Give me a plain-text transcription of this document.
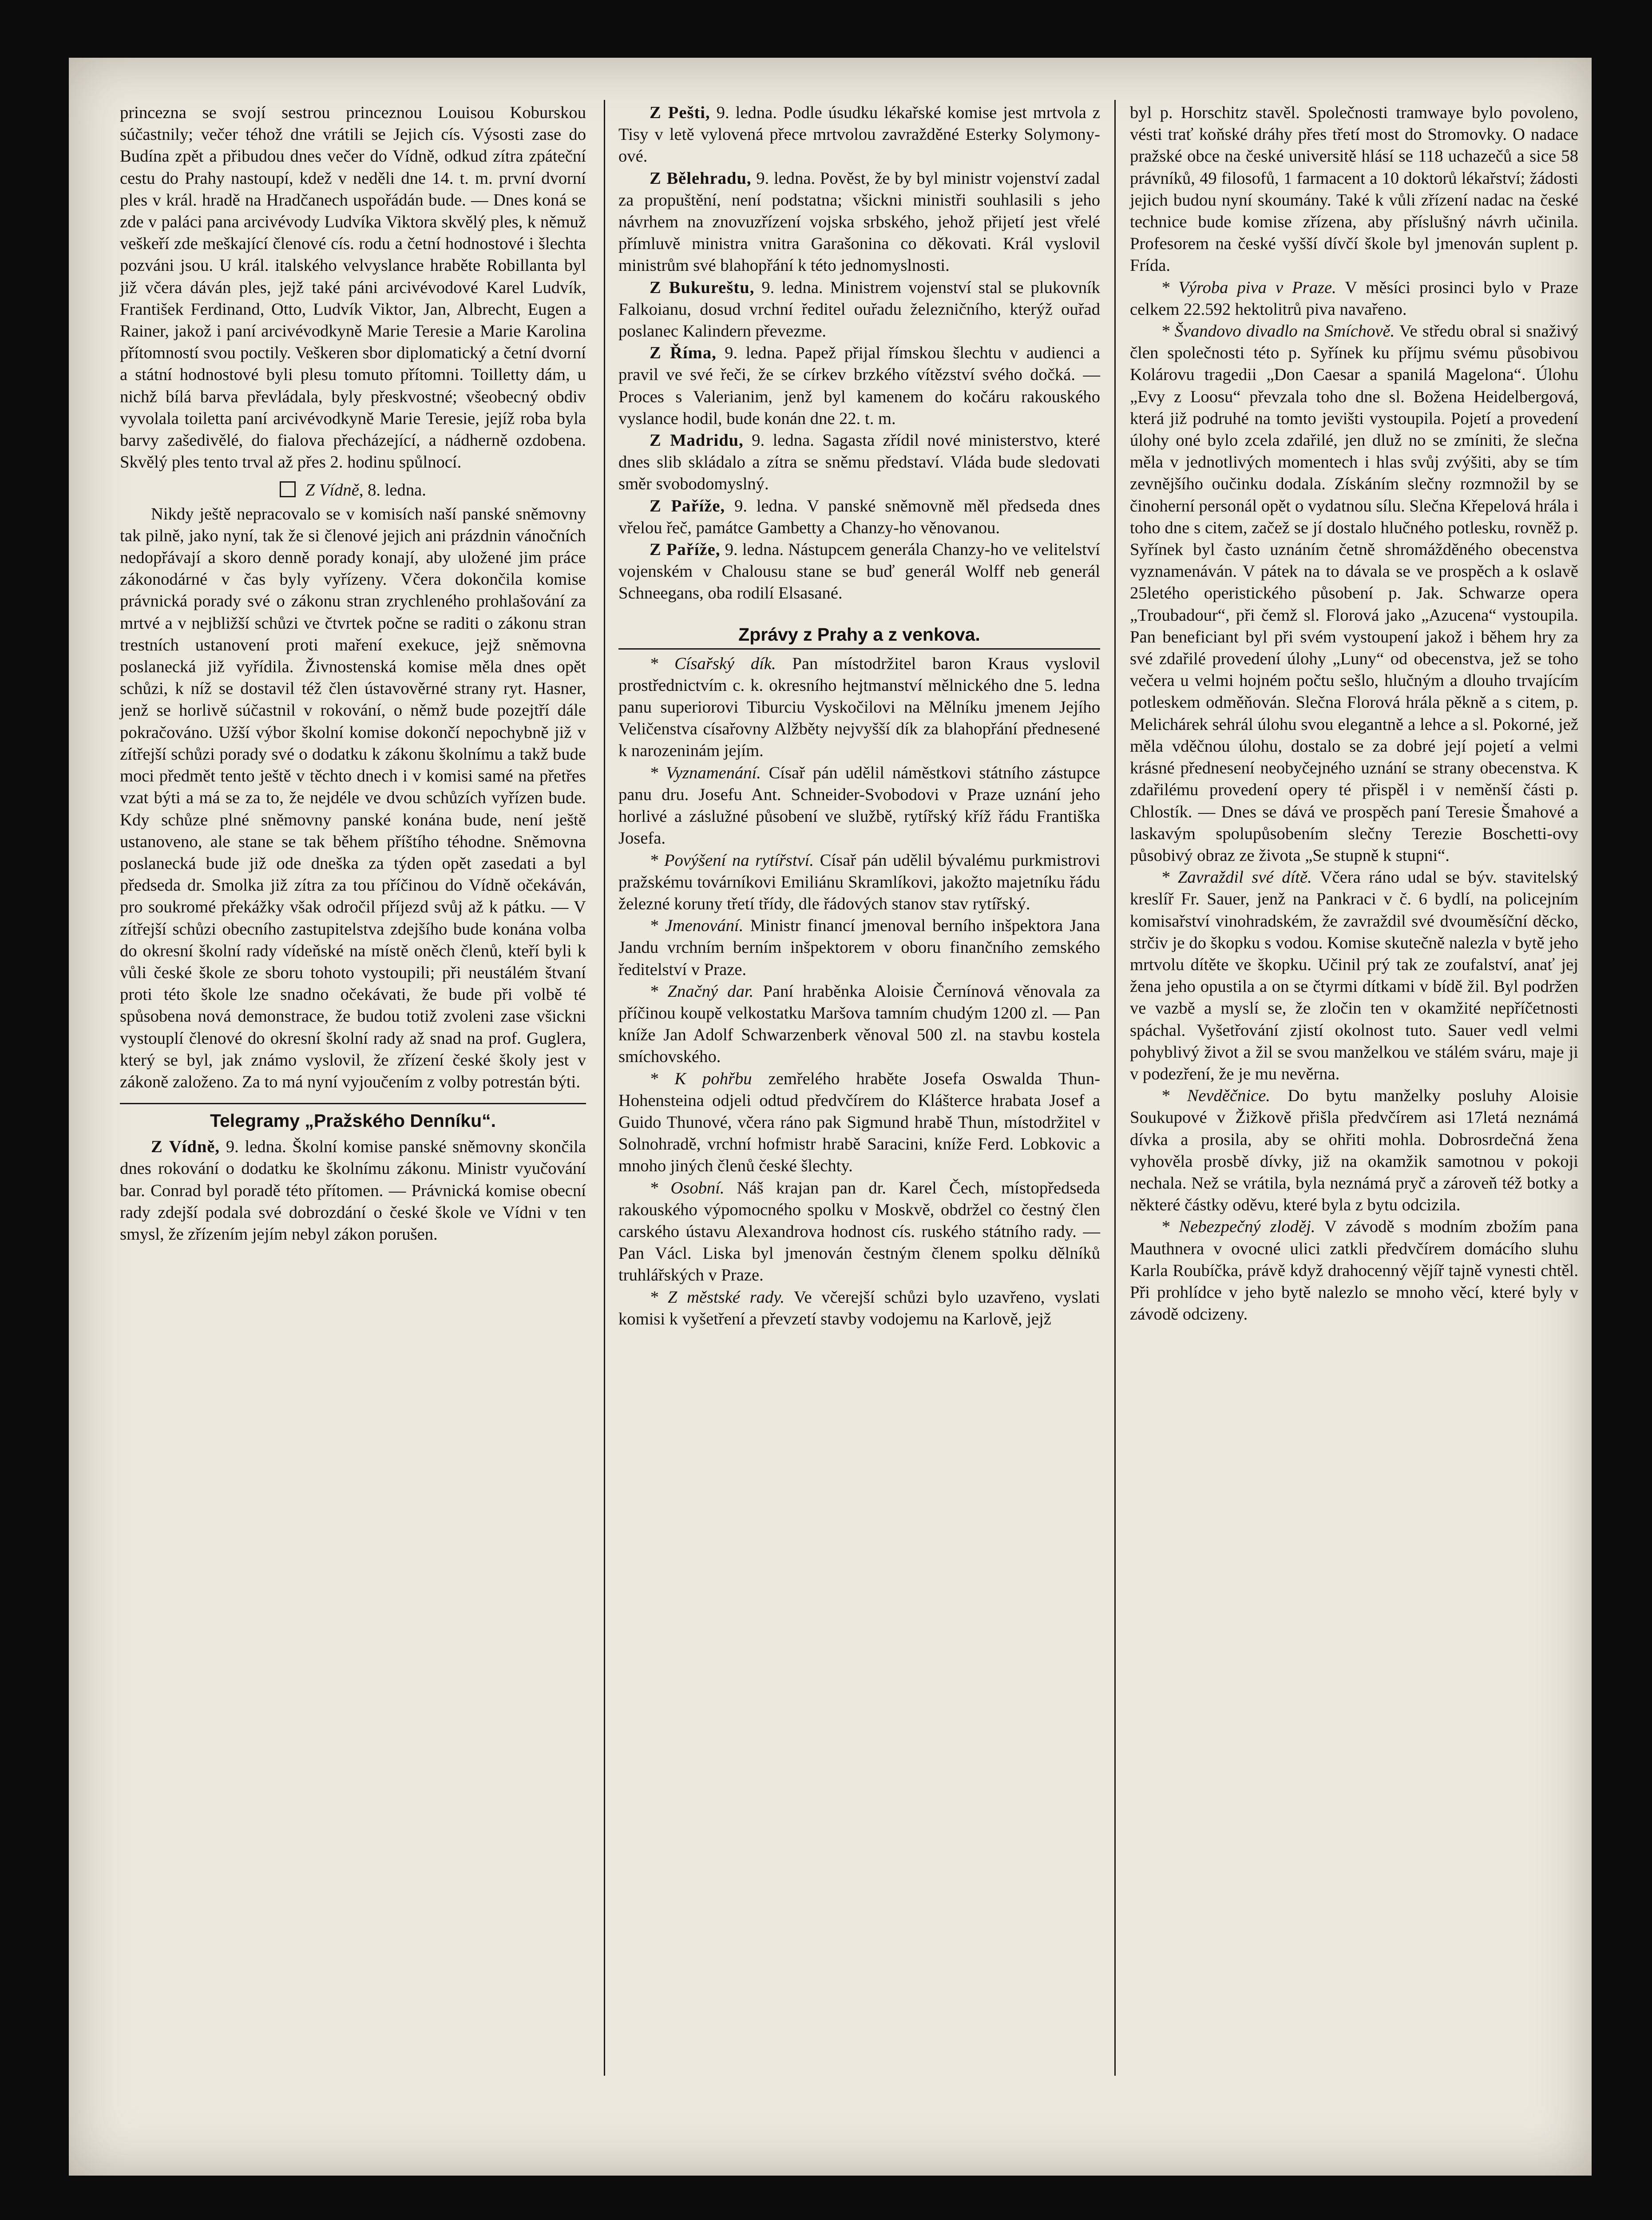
princezna se svojí sestrou princeznou Louisou Koburskou súčastnily; večer téhož dne vrátili se Jejich cís. Výsosti zase do Budína zpět a přibudou dnes večer do Vídně, odkud zítra zpáteční cestu do Prahy nastoupí, kdež v neděli dne 14. t. m. první dvorní ples v král. hradě na Hradčanech uspořádán bude. — Dnes koná se zde v paláci pana arcivévody Ludvíka Viktora skvělý ples, k němuž veškeří zde meškající členové cís. rodu a četní hodnostové i šlechta pozváni jsou. U král. italského velvyslance hraběte Robillanta byl již včera dáván ples, jejž také páni arcivévodové Karel Ludvík, František Ferdinand, Otto, Ludvík Viktor, Jan, Albrecht, Eugen a Rainer, jakož i paní arcivévodkyně Marie Teresie a Marie Karolina přítomností svou poctily. Veškeren sbor diplomatický a četní dvorní a státní hodnostové byli plesu tomuto přítomni. Toilletty dám, u nichž bílá barva převládala, byly přeskvostné; všeobecný obdiv vyvolala toiletta paní arcivévodkyně Marie Teresie, jejíž roba byla barvy zašedivělé, do fialova přecházející, a nádherně ozdobena. Skvělý ples tento trval až přes 2. hodinu spůlnocí.

Z Vídně, 8. ledna.

Nikdy ještě nepracovalo se v komisích naší panské sněmovny tak pilně, jako nyní, tak že si členové jejich ani prázdnin vánočních nedopřávají a skoro denně porady konají, aby uložené jim práce zákonodárné v čas byly vyřízeny. Včera dokončila komise právnická porady své o zákonu stran zrychleného prohlašování za mrtvé a v nejbližší schůzi ve čtvrtek počne se raditi o zákonu stran trestních ustanovení proti maření exekuce, jejž sněmovna poslanecká již vyřídila. Živnostenská komise měla dnes opět schůzi, k níž se dostavil též člen ústavověrné strany ryt. Hasner, jenž se horlivě súčastnil v rokování, o němž bude pozejtří dále pokračováno. Užší výbor školní komise dokončí nepochybně již v zítřejší schůzi porady své o dodatku k zákonu školnímu a takž bude moci předmět tento ještě v těchto dnech i v komisi samé na přetřes vzat býti a má se za to, že nejdéle ve dvou schůzích vyřízen bude. Kdy schůze plné sněmovny panské konána bude, není ještě ustanoveno, ale stane se tak během příštího téhodne. Sněmovna poslanecká bude již ode dneška za týden opět zasedati a byl předseda dr. Smolka již zítra za tou příčinou do Vídně očekáván, pro soukromé překážky však odročil příjezd svůj až k pátku. — V zítřejší schůzi obecního zastupitelstva zdejšího bude konána volba do okresní školní rady vídeňské na místě oněch členů, kteří byli k vůli české škole ze sboru tohoto vystoupili; při neustálém štvaní proti této škole lze snadno očekávati, že bude při volbě té spůsobena nová demonstrace, že budou totiž zvoleni zase všickni vystouplí členové do okresní školní rady až snad na prof. Guglera, který se byl, jak známo vyslovil, že zřízení české školy jest v zákoně založeno. Za to má nyní vyjoučením z volby potrestán býti.

Telegramy „Pražského Denníku“.

Z Vídně, 9. ledna. Školní komise panské sněmovny skončila dnes rokování o dodatku ke školnímu zákonu. Ministr vyučování bar. Conrad byl poradě této přítomen. — Právnická komise obecní rady zdejší podala své dobrozdání o české škole ve Vídni v ten smysl, že zřízením jejím nebyl zákon porušen.

Z Pešti, 9. ledna. Podle úsudku lékařské komise jest mrtvola z Tisy v letě vylovená přece mrtvolou zavražděné Esterky Solymony-ové.

Z Bělehradu, 9. ledna. Pověst, že by byl ministr vojenství zadal za propuštění, není podstatna; všickni ministři souhlasili s jeho návrhem na znovuzřízení vojska srbského, jehož přijetí jest vřelé přímluvě ministra vnitra Garašonina co děkovati. Král vyslovil ministrům své blahopřání k této jednomyslnosti.

Z Bukureštu, 9. ledna. Ministrem vojenství stal se plukovník Falkoianu, dosud vrchní ředitel ouřadu železničního, kterýž ouřad poslanec Kalindern převezme.

Z Říma, 9. ledna. Papež přijal římskou šlechtu v audienci a pravil ve své řeči, že se církev brzkého vítězství svého dočká. — Proces s Valerianim, jenž byl kamenem do kočáru rakouského vyslance hodil, bude konán dne 22. t. m.

Z Madridu, 9. ledna. Sagasta zřídil nové ministerstvo, které dnes slib skládalo a zítra se sněmu představí. Vláda bude sledovati směr svobodomyslný.

Z Paříže, 9. ledna. V panské sněmovně měl předseda dnes vřelou řeč, památce Gambetty a Chanzy-ho věnovanou.

Z Paříže, 9. ledna. Nástupcem generála Chanzy-ho ve velitelství vojenském v Chalousu stane se buď generál Wolff neb generál Schneegans, oba rodilí Elsasané.

Zprávy z Prahy a z venkova.

* Císařský dík. Pan místodržitel baron Kraus vyslovil prostřednictvím c. k. okresního hejtmanství mělnického dne 5. ledna panu superiorovi Tiburciu Vyskočilovi na Mělníku jmenem Jejího Veličenstva císařovny Alžběty nejvyšší dík za blahopřání přednesené k narozeninám jejím.

* Vyznamenání. Císař pán udělil náměstkovi státního zástupce panu dru. Josefu Ant. Schneider-Svobodovi v Praze uznání jeho horlivé a záslužné působení ve službě, rytířský kříž řádu Františka Josefa.

* Povýšení na rytířství. Císař pán udělil bývalému purkmistrovi pražskému továrníkovi Emiliánu Skramlíkovi, jakožto majetníku řádu železné koruny třetí třídy, dle řádových stanov stav rytířský.

* Jmenování. Ministr financí jmenoval berního inšpektora Jana Jandu vrchním berním inšpektorem v oboru finančního zemského ředitelství v Praze.

* Značný dar. Paní hraběnka Aloisie Černínová věnovala za příčinou koupě velkostatku Maršova tamním chudým 1200 zl. — Pan kníže Jan Adolf Schwarzenberk věnoval 500 zl. na stavbu kostela smíchovského.

* K pohřbu zemřelého hraběte Josefa Oswalda Thun-Hohensteina odjeli odtud předvčírem do Klášterce hrabata Josef a Guido Thunové, včera ráno pak Sigmund hrabě Thun, místodržitel v Solnohradě, vrchní hofmistr hrabě Saracini, kníže Ferd. Lobkovic a mnoho jiných členů české šlechty.

* Osobní. Náš krajan pan dr. Karel Čech, místopředseda rakouského výpomocného spolku v Moskvě, obdržel co čestný člen carského ústavu Alexandrova hodnost cís. ruského státního rady. — Pan Václ. Liska byl jmenován čestným členem spolku dělníků truhlářských v Praze.

* Z městské rady. Ve včerejší schůzi bylo uzavřeno, vyslati komisi k vyšetření a převzetí stavby vodojemu na Karlově, jejž

byl p. Horschitz stavěl. Společnosti tramwaye bylo povoleno, vésti trať koňské dráhy přes třetí most do Stromovky. O nadace pražské obce na české universitě hlásí se 118 uchazečů a sice 58 právníků, 49 filosofů, 1 farmacent a 10 doktorů lékařství; žádosti jejich budou nyní skoumány. Také k vůli zřízení nadac na české technice bude komise zřízena, aby příslušný návrh učinila. Profesorem na české vyšší dívčí škole byl jmenován suplent p. Frída.

* Výroba piva v Praze. V měsíci prosinci bylo v Praze celkem 22.592 hektolitrů piva navařeno.

* Švandovo divadlo na Smíchově. Ve středu obral si snaživý člen společnosti této p. Syřínek ku příjmu svému působivou Kolárovu tragedii „Don Caesar a spanilá Magelona“. Úlohu „Evy z Loosu“ převzala toho dne sl. Božena Heidelbergová, která již podruhé na tomto jevišti vystoupila. Pojetí a provedení úlohy oné bylo zcela zdařilé, jen dluž no se zmíniti, že slečna měla v jednotlivých momentech i hlas svůj zvýšiti, aby se tím zevnějšího oučinku dodala. Získáním slečny rozmnožil by se činoherní personál opět o vydatnou sílu. Slečna Křepelová hrála i toho dne s citem, začež se jí dostalo hlučného potlesku, rovněž p. Syřínek byl často uznáním četně shromážděného obecenstva vyznamenáván. V pátek na to dávala se ve prospěch a k oslavě 25letého operistického působení p. Jak. Schwarze opera „Troubadour“, při čemž sl. Florová jako „Azucena“ vystoupila. Pan beneficiant byl při svém vystoupení jakož i během hry za své zdařilé provedení úlohy „Luny“ od obecenstva, jež se toho večera u velmi hojném počtu sešlo, hlučným a dlouho trvajícím potleskem odměňován. Slečna Florová hrála pěkně a s citem, p. Melichárek sehrál úlohu svou elegantně a lehce a sl. Pokorné, jež měla vděčnou úlohu, dostalo se za dobré její pojetí a velmi krásné přednesení neobyčejného uznání se strany obecenstva. K zdařilému provedení opery té přispěl i v neměnší části p. Chlostík. — Dnes se dává ve prospěch paní Teresie Šmahové a laskavým spolupůsobením slečny Terezie Boschetti-ovy působivý obraz ze života „Se stupně k stupni“.

* Zavraždil své dítě. Včera ráno udal se býv. stavitelský kreslíř Fr. Sauer, jenž na Pankraci v č. 6 bydlí, na policejním komisařství vinohradském, že zavraždil své dvouměsíční děcko, strčiv je do škopku s vodou. Komise skutečně nalezla v bytě jeho mrtvolu dítěte ve škopku. Učinil prý tak ze zoufalství, anať jej žena jeho opustila a on se čtyrmi dítkami v bídě žil. Byl podržen ve vazbě a myslí se, že zločin ten v okamžité nepříčetnosti spáchal. Vyšetřování zjistí okolnost tuto. Sauer vedl velmi pohyblivý život a žil se svou manželkou ve stálém sváru, maje ji v podezření, že je mu nevěrna.

* Nevděčnice. Do bytu manželky posluhy Aloisie Soukupové v Žižkově přišla předvčírem asi 17letá neznámá dívka a prosila, aby se ohřiti mohla. Dobrosrdečná žena vyhověla prosbě dívky, již na okamžik samotnou v pokoji nechala. Než se vrátila, byla neznámá pryč a zároveň též botky a některé částky oděvu, které byla z bytu odcizila.

* Nebezpečný zloděj. V závodě s modním zbožím pana Mauthnera v ovocné ulici zatkli předvčírem domácího sluhu Karla Roubíčka, právě když drahocenný vějíř tajně vynesti chtěl. Při prohlídce v jeho bytě nalezlo se mnoho věcí, které byly v závodě odcizeny.
